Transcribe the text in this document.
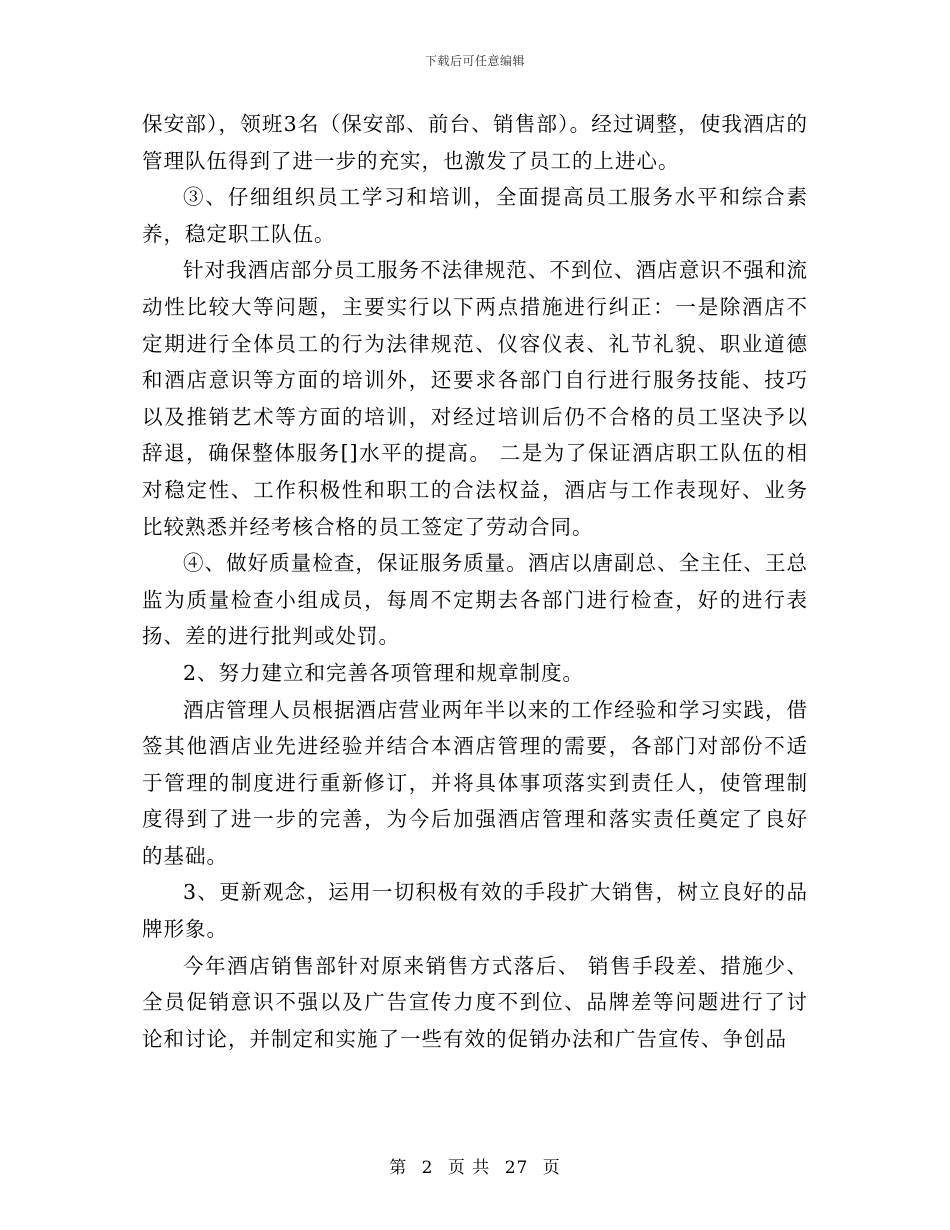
下载后可任意编辑

保安部），领班3名（保安部、前台、销售部）。经过调整，使我酒店的管理队伍得到了进一步的充实，也激发了员工的上进心。

③、仔细组织员工学习和培训，全面提高员工服务水平和综合素养，稳定职工队伍。

针对我酒店部分员工服务不法律规范、不到位、酒店意识不强和流动性比较大等问题，主要实行以下两点措施进行纠正：一是除酒店不定期进行全体员工的行为法律规范、仪容仪表、礼节礼貌、职业道德和酒店意识等方面的培训外，还要求各部门自行进行服务技能、技巧以及推销艺术等方面的培训，对经过培训后仍不合格的员工坚决予以辞退，确保整体服务[]水平的提高。 二是为了保证酒店职工队伍的相对稳定性、工作积极性和职工的合法权益，酒店与工作表现好、业务比较熟悉并经考核合格的员工签定了劳动合同。

④、做好质量检查，保证服务质量。酒店以唐副总、全主任、王总监为质量检查小组成员，每周不定期去各部门进行检查，好的进行表扬、差的进行批判或处罚。

2、努力建立和完善各项管理和规章制度。

酒店管理人员根据酒店营业两年半以来的工作经验和学习实践，借签其他酒店业先进经验并结合本酒店管理的需要，各部门对部份不适于管理的制度进行重新修订，并将具体事项落实到责任人，使管理制度得到了进一步的完善，为今后加强酒店管理和落实责任奠定了良好的基础。

3、更新观念，运用一切积极有效的手段扩大销售，树立良好的品牌形象。

今年酒店销售部针对原来销售方式落后、 销售手段差、措施少、全员促销意识不强以及广告宣传力度不到位、品牌差等问题进行了讨论和讨论，并制定和实施了一些有效的促销办法和广告宣传、争创品

第 2 页 共 27 页
